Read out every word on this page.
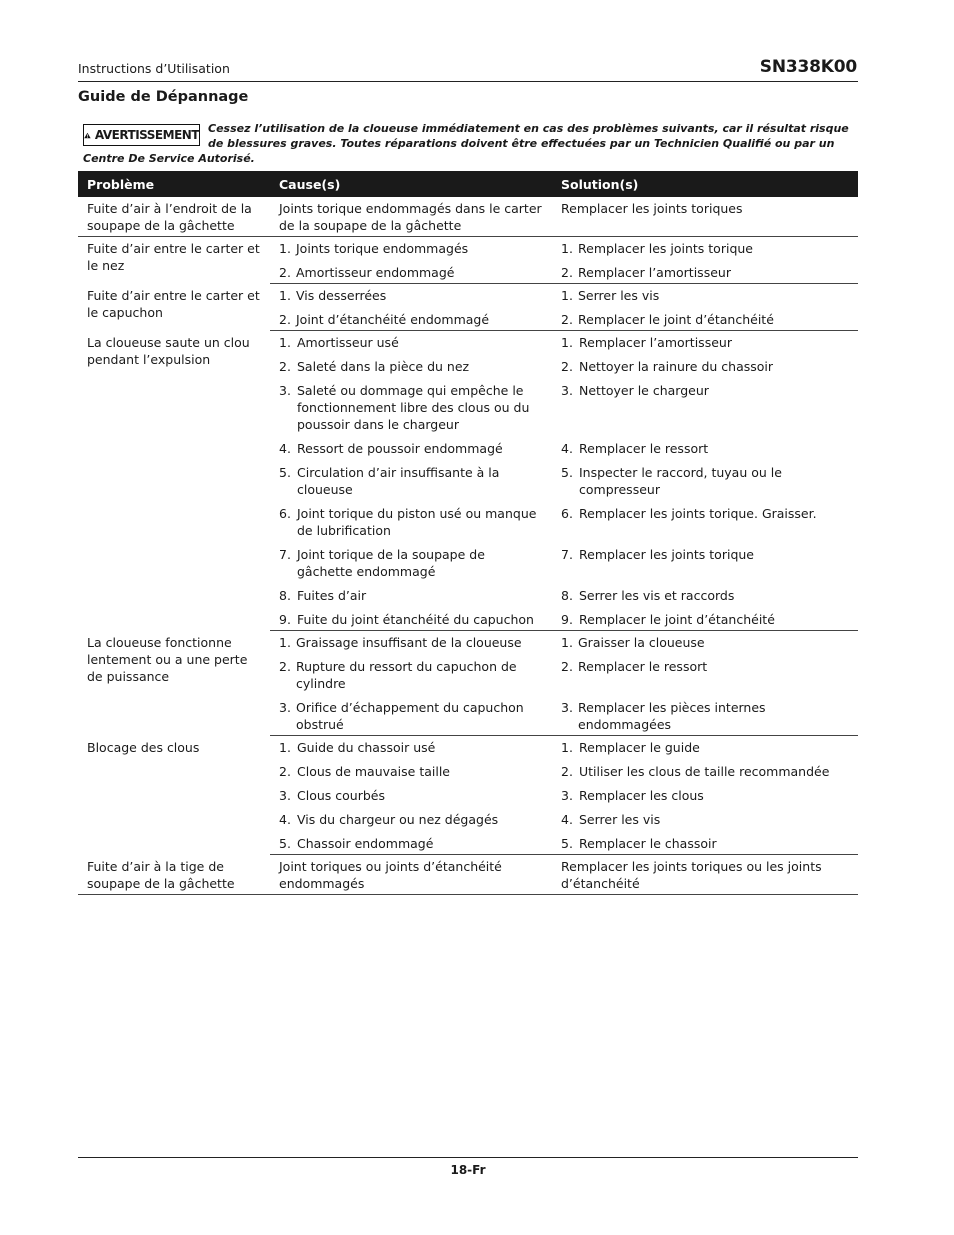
Instructions d’Utilisation	SN338K00
Guide de Dépannage
AVERTISSEMENT Cessez l’utilisation de la cloueuse immédiatement en cas des problèmes suivants, car il résultat risque de blessures graves. Toutes réparations doivent être effectuées par un Technicien Qualifié ou par un Centre De Service Autorisé.
Problème	Cause(s)	Solution(s)
Fuite d’air à l’endroit de la soupape de la gâchette	Joints torique endommagés dans le carter de la soupape de la gâchette	Remplacer les joints toriques

Fuite d’air entre le carter et le nez	1. Joints torique endommagés	1. Remplacer les joints torique

	2. Amortisseur endommagé	2. Remplacer l’amortisseur

Fuite d’air entre le carter et le capuchon	1. Vis desserrées	1. Serrer les vis

	2. Joint d’étanchéité endommagé	2. Remplacer le joint d’étanchéité

La cloueuse saute un clou pendant l’expulsion	1. Amortisseur usé	1. Remplacer l’amortisseur

	2. Saleté dans la pièce du nez	2. Nettoyer la rainure du chassoir

	3. Saleté ou dommage qui empêche le fonctionnement libre des clous ou du poussoir dans le chargeur	3. Nettoyer le chargeur

	4. Ressort de poussoir endommagé	4. Remplacer le ressort

	5. Circulation d’air insuffisante à la cloueuse	5. Inspecter le raccord, tuyau ou le compresseur

	6. Joint torique du piston usé ou manque de lubrification	6. Remplacer les joints torique. Graisser.

	7. Joint torique de la soupape de gâchette endommagé	7. Remplacer les joints torique

	8. Fuites d’air	8. Serrer les vis et raccords

	9. Fuite du joint étanchéité du capuchon	9. Remplacer le joint d’étanchéité

La cloueuse fonctionne lentement ou a une perte de puissance	1. Graissage insuffisant de la cloueuse	1. Graisser la cloueuse

	2. Rupture du ressort du capuchon de cylindre	2. Remplacer le ressort

	3. Orifice d’échappement du capuchon obstrué	3. Remplacer les pièces internes endommagées

Blocage des clous	1. Guide du chassoir usé	1. Remplacer le guide

	2. Clous de mauvaise taille	2. Utiliser les clous de taille recommandée

	3. Clous courbés	3. Remplacer les clous

	4. Vis du chargeur ou nez dégagés	4. Serrer les vis

	5. Chassoir endommagé	5. Remplacer le chassoir

Fuite d’air à la tige de soupape de la gâchette	Joint toriques ou joints d’étanchéité endommagés	Remplacer les joints toriques ou les joints d’étanchéité
18-Fr
